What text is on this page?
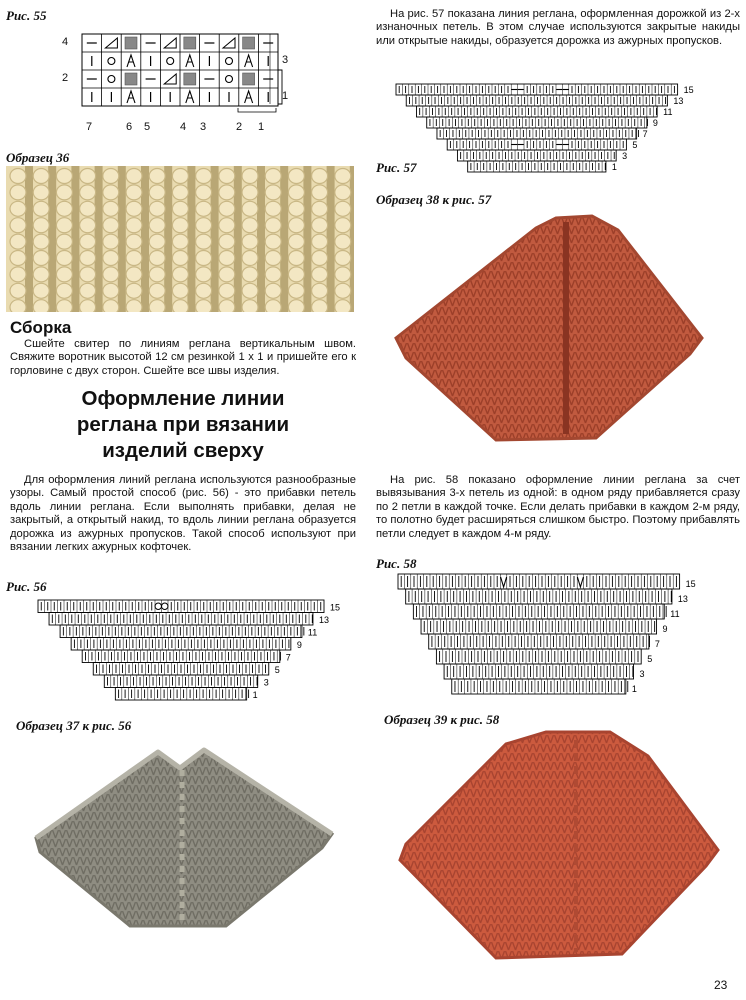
Рис. 55
4
2
3
1
7	6 5	4 3	2 1
Образец 36
Сборка
Сшейте свитер по линиям реглана вертикальным швом. Свяжите воротник высотой 12 см резинкой 1 х 1 и пришейте его к горловине с двух сторон. Сшейте все швы изделия.
Оформление линии
реглана при вязании
изделий сверху
Для оформления линий реглана используются разнообразные узоры. Самый простой способ (рис. 56) - это прибавки петель вдоль линии реглана. Если выполнять прибавки, делая не закрытый, а открытый накид, то вдоль линии реглана образуется дорожка из ажурных пропусков. Такой способ используют при вязании легких ажурных кофточек.
Рис. 56
15
13
11
9
7
5
3
1
Образец 37 к рис. 56
На рис. 57 показана линия реглана, оформленная дорожкой из 2-х изнаночных петель. В этом случае используются закрытые накиды или открытые накиды, образуется дорожка из ажурных пропусков.
15
13
11
9
7
5
3
1
Рис. 57
Образец 38 к рис. 57
На рис. 58 показано оформление линии реглана за счет вывязывания 3-х петель из одной: в одном ряду прибавляется сразу по 2 петли в каждой точке. Если делать прибавки в каждом 2-м ряду, то полотно будет расширяться слишком быстро. Поэтому прибавлять петли следует в каждом 4-м ряду.
Рис. 58
15
13
11
9
7
5
3
1
Образец 39 к рис. 58
23
